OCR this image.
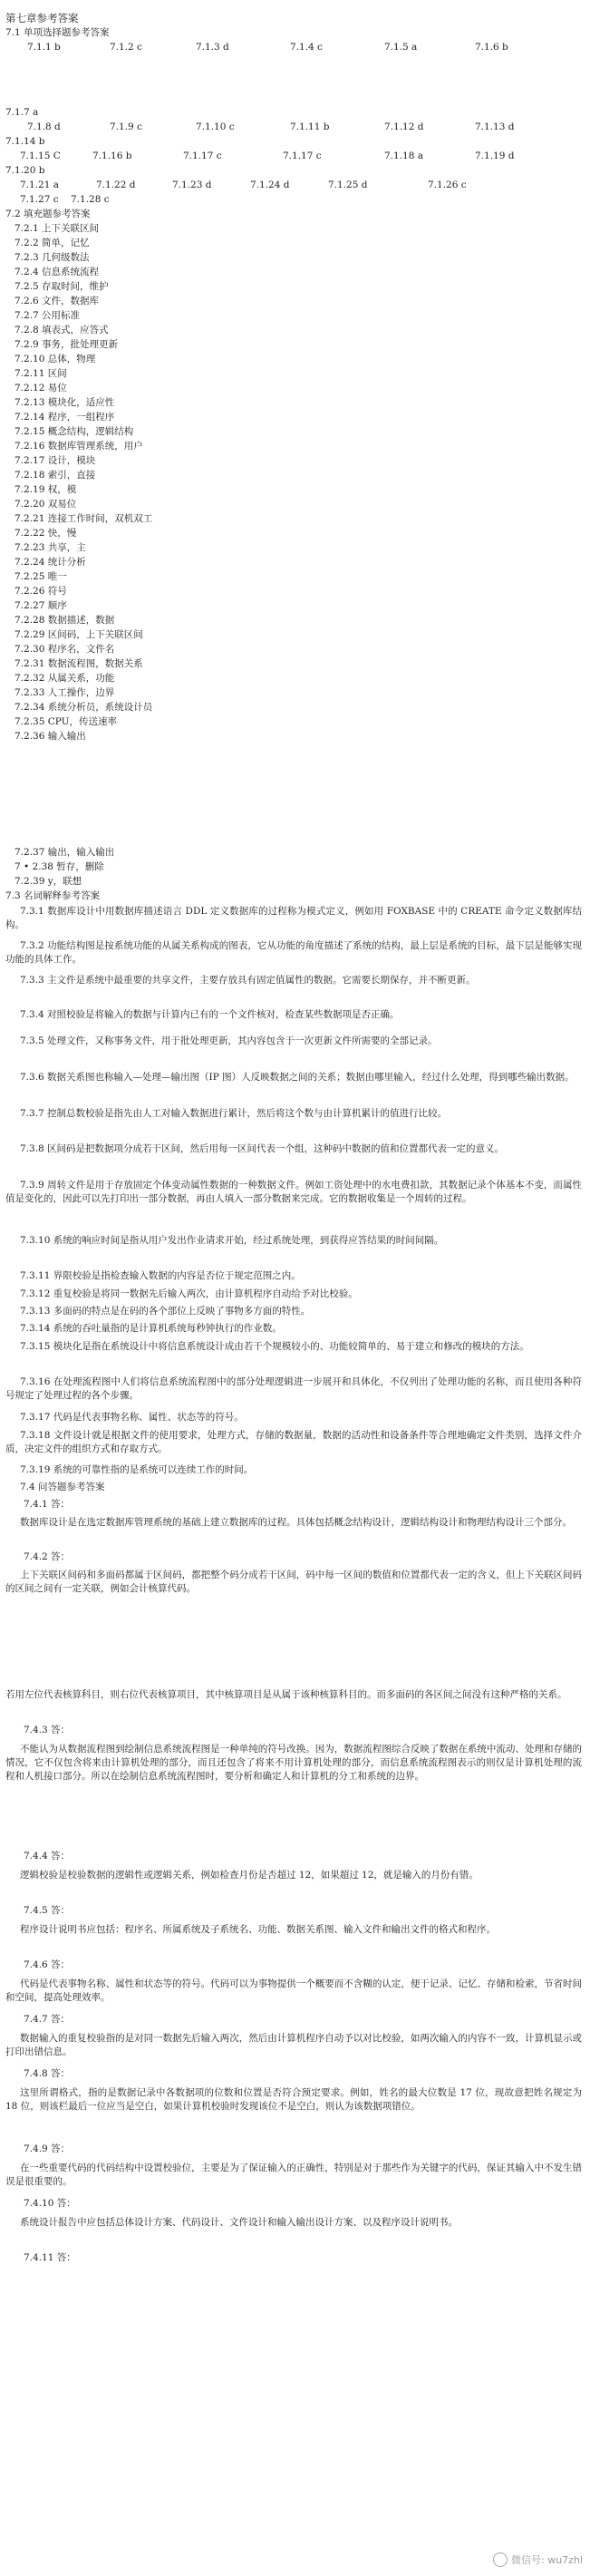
第七章参考答案
7.1 单项选择题参考答案
7.1.1 b	7.1.2 c	7.1.3 d	7.1.4 c	7.1.5 a	7.1.6 b
7.1.7 a
7.1.8 d	7.1.9 c	7.1.10 c	7.1.11 b	7.1.12 d	7.1.13 d
7.1.14 b
7.1.15 C	7.1.16 b	7.1.17 c	7.1.17 c	7.1.18 a	7.1.19 d
7.1.20 b
7.1.21 a	7.1.22 d	7.1.23 d	7.1.24 d	7.1.25 d	7.1.26 c
7.1.27 c 7.1.28 c
7.2 填充题参考答案
7.2.1 上下关联区间
7.2.2 简单，记忆
7.2.3 几何级数法
7.2.4 信息系统流程
7.2.5 存取时间，维护
7.2.6 文件，数据库
7.2.7 公用标准
7.2.8 填表式，应答式
7.2.9 事务，批处理更新
7.2.10 总体，物理
7.2.11 区间
7.2.12 易位
7.2.13 模块化，适应性
7.2.14 程序，一组程序
7.2.15 概念结构，逻辑结构
7.2.16 数据库管理系统，用户
7.2.17 设计，模块
7.2.18 索引，直接
7.2.19 权，模
7.2.20 双易位
7.2.21 连接工作时间，双机双工
7.2.22 快，慢
7.2.23 共享，主
7.2.24 统计分析
7.2.25 唯一
7.2.26 符号
7.2.27 顺序
7.2.28 数据描述，数据
7.2.29 区间码，上下关联区间
7.2.30 程序名，文件名
7.2.31 数据流程图，数据关系
7.2.32 从属关系，功能
7.2.33 人工操作，边界
7.2.34 系统分析员，系统设计员
7.2.35 CPU，传送速率
7.2.36 输入输出
7.2.37 输出，输入输出
7 • 2.38 暂存，删除
7.2.39 y，联想
7.3 名词解释参考答案
7.3.1 数据库设计中用数据库描述语言 DDL 定义数据库的过程称为模式定义，例如用 FOXBASE 中的 CREATE 命令定义数据库结构。
7.3.2 功能结构图是按系统功能的从属关系构成的图表，它从功能的角度描述了系统的结构，最上层是系统的目标，最下层是能够实现功能的具体工作。
7.3.3 主文件是系统中最重要的共享文件，主要存放具有固定值属性的数据。它需要长期保存，并不断更新。
7.3.4 对照校验是将输入的数据与计算内已有的一个文件核对，检查某些数据项是否正确。
7.3.5 处理文件，又称事务文件，用于批处理更新，其内容包含于一次更新文件所需要的全部记录。
7.3.6 数据关系图也称输入—处理—输出图（IP 图）人反映数据之间的关系；数据由哪里输入，经过什么处理，得到哪些输出数据。
7.3.7 控制总数校验是指先由人工对输入数据进行累计，然后将这个数与由计算机累计的值进行比较。
7.3.8 区间码是把数据项分成若干区间，然后用每一区间代表一个组，这种码中数据的值和位置都代表一定的意义。
7.3.9 周转文件是用于存放固定个体变动属性数据的一种数据文件。例如工资处理中的水电费扣款，其数据记录个体基本不变，而属性值是变化的，因此可以先打印出一部分数据，再由人填入一部分数据来完成。它的数据收集是一个周转的过程。
7.3.10 系统的响应时间是指从用户发出作业请求开始，经过系统处理，到获得应答结果的时间间隔。
7.3.11 界限校验是指检查输入数据的内容是否位于规定范围之内。
7.3.12 重复校验是将同一数据先后输入两次，由计算机程序自动给予对比校验。
7.3.13 多面码的特点是在码的各个部位上反映了事物多方面的特性。
7.3.14 系统的吞吐量指的是计算机系统每秒钟执行的作业数。
7.3.15 模块化是指在系统设计中将信息系统设计成由若干个规模较小的、功能较简单的、易于建立和修改的模块的方法。
7.3.16 在处理流程图中人们将信息系统流程图中的部分处理逻辑进一步展开和具体化，不仅列出了处理功能的名称，而且使用各种符号规定了处理过程的各个步骤。
7.3.17 代码是代表事物名称、属性、状态等的符号。
7.3.18 文件设计就是根据文件的使用要求，处理方式，存储的数据量，数据的活动性和设备条件等合理地确定文件类别，选择文件介质，决定文件的组织方式和存取方式。
7.3.19 系统的可靠性指的是系统可以连续工作的时间。
7.4 问答题参考答案
7.4.1 答：
数据库设计是在选定数据库管理系统的基础上建立数据库的过程。具体包括概念结构设计，逻辑结构设计和物理结构设计三个部分。
7.4.2 答：
上下关联区间码和多面码都属于区间码，都把整个码分成若干区间，码中每一区间的数值和位置都代表一定的含义，但上下关联区间码的区间之间有一定关联，例如会计核算代码。
若用左位代表核算科目，则右位代表核算项目，其中核算项目是从属于该种核算科目的。而多面码的各区间之间没有这种严格的关系。
7.4.3 答：
不能认为从数据流程图到绘制信息系统流程图是一种单纯的符号改换。因为，数据流程图综合反映了数据在系统中流动、处理和存储的情况，它不仅包含将来由计算机处理的部分，而且还包含了将来不用计算机处理的部分，而信息系统流程图表示的则仅是计算机处理的流程和人机接口部分。所以在绘制信息系统流程图时，要分析和确定人和计算机的分工和系统的边界。
7.4.4 答：
逻辑校验是校验数据的逻辑性或逻辑关系，例如检查月份是否超过 12，如果超过 12，就是输入的月份有错。
7.4.5 答：
程序设计说明书应包括：程序名、所属系统及子系统名、功能、数据关系图、输入文件和输出文件的格式和程序。
7.4.6 答：
代码是代表事物名称、属性和状态等的符号。代码可以为事物提供一个概要而不含糊的认定，便于记录、记忆、存储和检索，节省时间和空间，提高处理效率。
7.4.7 答：
数据输入的重复校验指的是对同一数据先后输入两次，然后由计算机程序自动予以对比校验，如两次输入的内容不一致，计算机显示或打印出错信息。
7.4.8 答：
这里所谓格式，指的是数据记录中各数据项的位数和位置是否符合预定要求。例如，姓名的最大位数是 17 位，现故意把姓名规定为 18 位，则该栏最后一位应当是空白，如果计算机校验时发现该位不是空白，则认为该数据项错位。
7.4.9 答：
在一些重要代码的代码结构中设置校验位，主要是为了保证输入的正确性，特别是对于那些作为关键字的代码，保证其输入中不发生错误是很重要的。
7.4.10 答：
系统设计报告中应包括总体设计方案、代码设计、文件设计和输入输出设计方案、以及程序设计说明书。
7.4.11 答：
微信号: wu7zhl
